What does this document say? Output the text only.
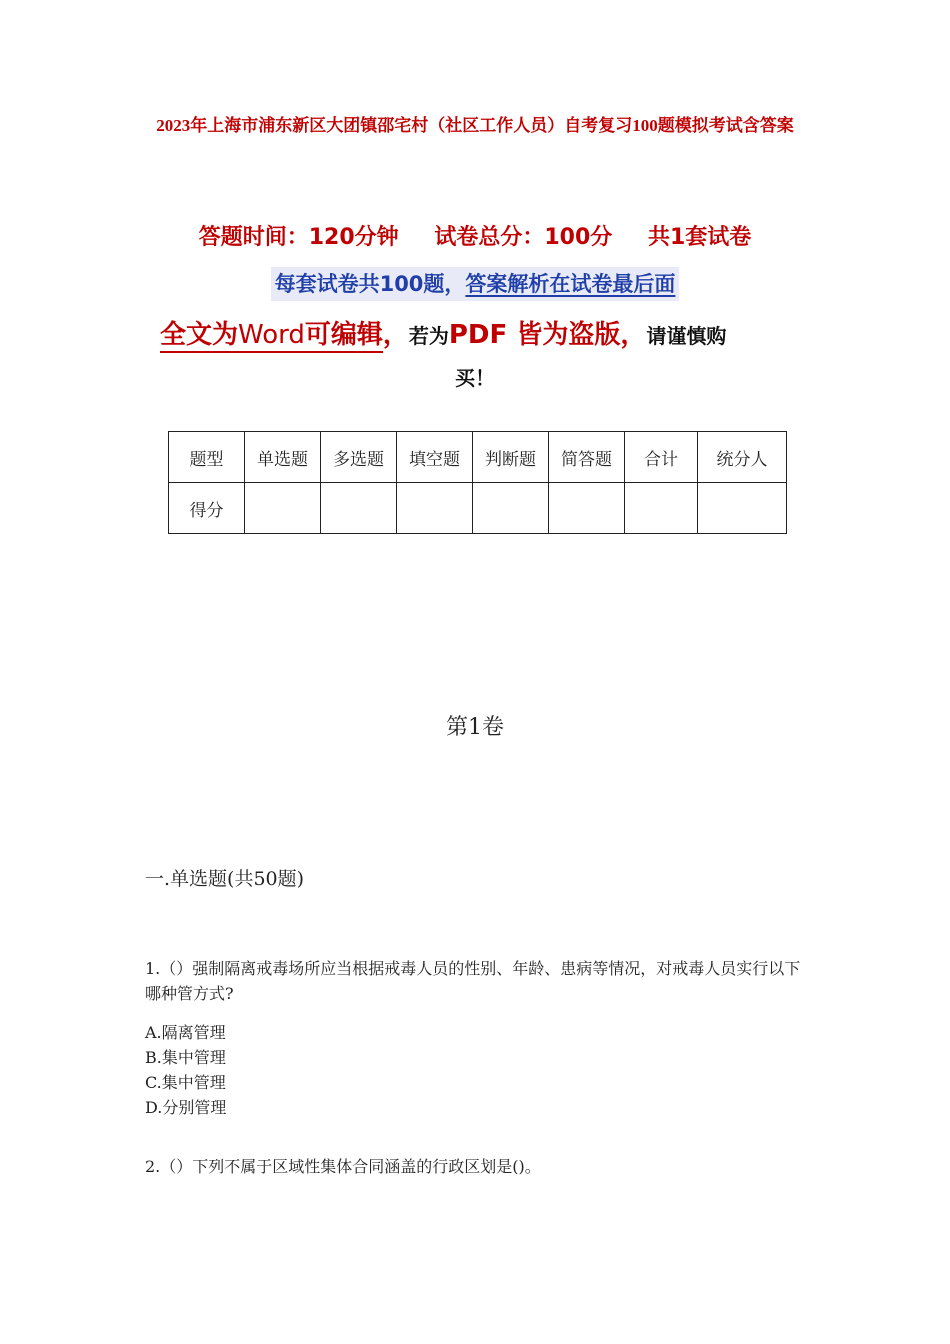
2023年上海市浦东新区大团镇邵宅村（社区工作人员）自考复习100题模拟考试含答案
答题时间：120分钟 试卷总分：100分 共1套试卷
每套试卷共100题，答案解析在试卷最后面
全文为Word可编辑，若为PDF 皆为盗版，请谨慎购
买！
题型	单选题	多选题	填空题	判断题	简答题	合计	统分人
得分							
第1卷
一.单选题(共50题)
1.（）强制隔离戒毒场所应当根据戒毒人员的性别、年龄、患病等情况，对戒毒人员实行以下哪种管方式?
A.隔离管理
B.集中管理
C.集中管理
D.分别管理
2.（）下列不属于区域性集体合同涵盖的行政区划是()。
